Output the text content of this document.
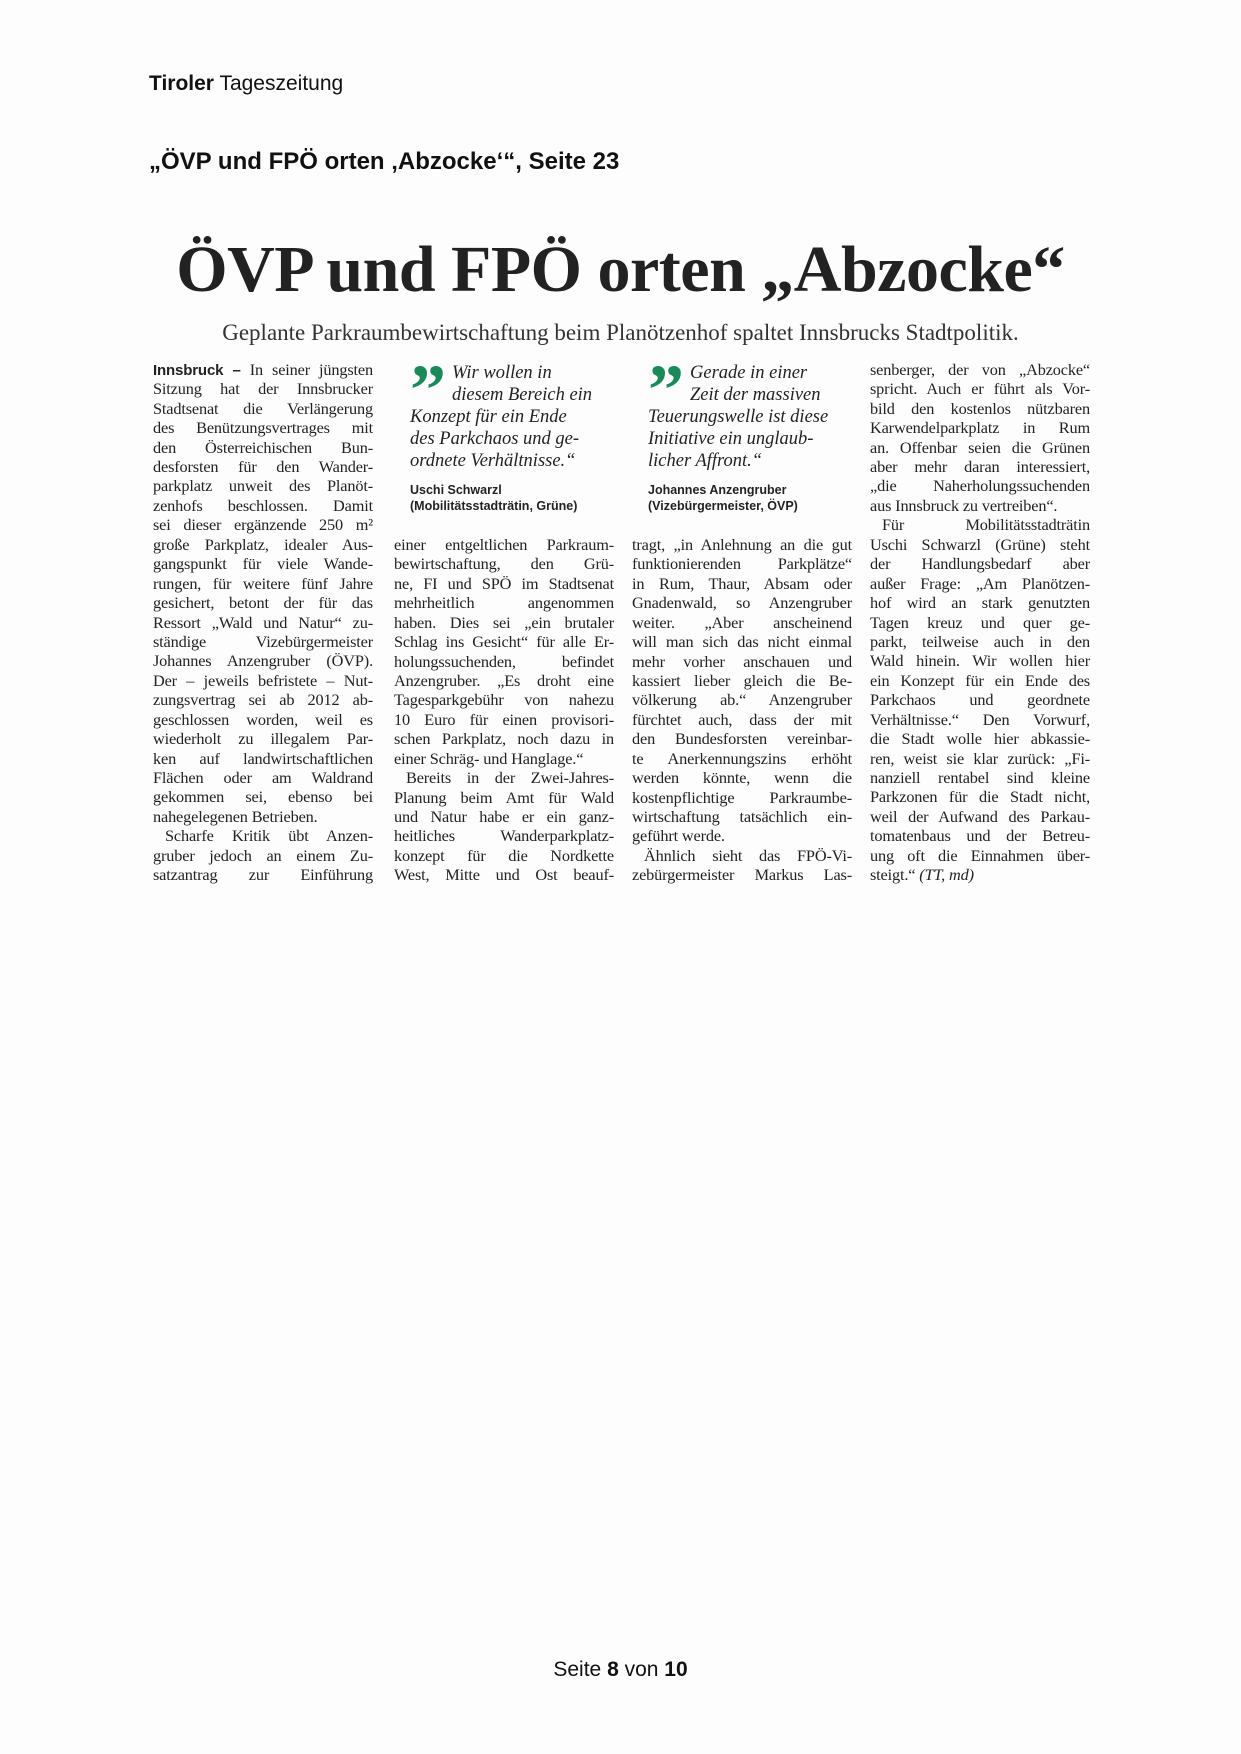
Tiroler Tageszeitung
„ÖVP und FPÖ orten ‚Abzocke‘“, Seite 23
ÖVP und FPÖ orten „Abzocke“
Geplante Parkraumbewirtschaftung beim Planötzenhof spaltet Innsbrucks Stadtpolitik.
Innsbruck – In seiner jüngsten
Sitzung hat der Innsbrucker
Stadtsenat die Verlängerung
des Benützungsvertrages mit
den Österreichischen Bun-
desforsten für den Wander-
parkplatz unweit des Planöt-
zenhofs beschlossen. Damit
sei dieser ergänzende 250 m²
große Parkplatz, idealer Aus-
gangspunkt für viele Wande-
rungen, für weitere fünf Jahre
gesichert, betont der für das
Ressort „Wald und Natur“ zu-
ständige Vizebürgermeister
Johannes Anzengruber (ÖVP).
Der – jeweils befristete – Nut-
zungsvertrag sei ab 2012 ab-
geschlossen worden, weil es
wiederholt zu illegalem Par-
ken auf landwirtschaftlichen
Flächen oder am Waldrand
gekommen sei, ebenso bei
nahegelegenen Betrieben.
Scharfe Kritik übt Anzen-
gruber jedoch an einem Zu-
satzantrag zur Einführung
einer entgeltlichen Parkraum-
bewirtschaftung, den Grü-
ne, FI und SPÖ im Stadtsenat
mehrheitlich angenommen
haben. Dies sei „ein brutaler
Schlag ins Gesicht“ für alle Er-
holungssuchenden, befindet
Anzengruber. „Es droht eine
Tagesparkgebühr von nahezu
10 Euro für einen provisori-
schen Parkplatz, noch dazu in
einer Schräg- und Hanglage.“
Bereits in der Zwei-Jahres-
Planung beim Amt für Wald
und Natur habe er ein ganz-
heitliches Wanderparkplatz-
konzept für die Nordkette
West, Mitte und Ost beauf-
tragt, „in Anlehnung an die gut
funktionierenden Parkplätze“
in Rum, Thaur, Absam oder
Gnadenwald, so Anzengruber
weiter. „Aber anscheinend
will man sich das nicht einmal
mehr vorher anschauen und
kassiert lieber gleich die Be-
völkerung ab.“ Anzengruber
fürchtet auch, dass der mit
den Bundesforsten vereinbar-
te Anerkennungszins erhöht
werden könnte, wenn die
kostenpflichtige Parkraumbe-
wirtschaftung tatsächlich ein-
geführt werde.
Ähnlich sieht das FPÖ-Vi-
zebürgermeister Markus Las-
senberger, der von „Abzocke“
spricht. Auch er führt als Vor-
bild den kostenlos nützbaren
Karwendelparkplatz in Rum
an. Offenbar seien die Grünen
aber mehr daran interessiert,
„die Naherholungssuchenden
aus Innsbruck zu vertreiben“.
Für Mobilitätsstadträtin
Uschi Schwarzl (Grüne) steht
der Handlungsbedarf aber
außer Frage: „Am Planötzen-
hof wird an stark genutzten
Tagen kreuz und quer ge-
parkt, teilweise auch in den
Wald hinein. Wir wollen hier
ein Konzept für ein Ende des
Parkchaos und geordnete
Verhältnisse.“ Den Vorwurf,
die Stadt wolle hier abkassie-
ren, weist sie klar zurück: „Fi-
nanziell rentabel sind kleine
Parkzonen für die Stadt nicht,
weil der Aufwand des Parkau-
tomatenbaus und der Betreu-
ung oft die Einnahmen über-
steigt.“ (TT, md)
” Wir wollen in
diesem Bereich ein
Konzept für ein Ende
des Parkchaos und ge-
ordnete Verhältnisse.“
Uschi Schwarzl
(Mobilitätsstadträtin, Grüne)
” Gerade in einer
Zeit der massiven
Teuerungswelle ist diese
Initiative ein unglaub-
licher Affront.“
Johannes Anzengruber
(Vizebürgermeister, ÖVP)
Seite 8 von 10
